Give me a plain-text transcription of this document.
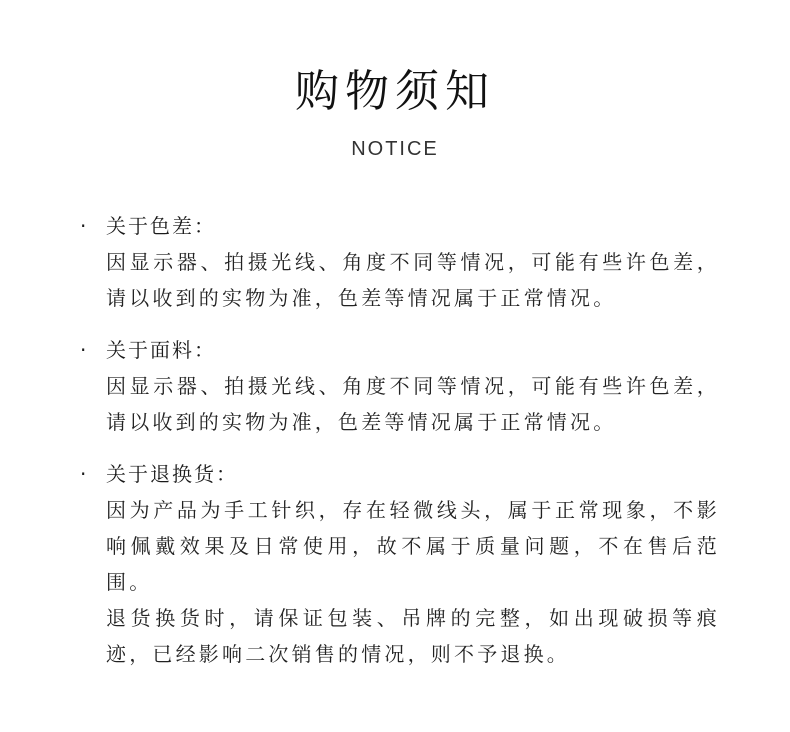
购物须知
NOTICE
· 关于色差：
因显示器、拍摄光线、角度不同等情况，可能有些许色差，请以收到的实物为准，色差等情况属于正常情况。
· 关于面料：
因显示器、拍摄光线、角度不同等情况，可能有些许色差，请以收到的实物为准，色差等情况属于正常情况。
· 关于退换货：
因为产品为手工针织，存在轻微线头，属于正常现象，不影响佩戴效果及日常使用，故不属于质量问题，不在售后范围。
退货换货时，请保证包装、吊牌的完整，如出现破损等痕迹，已经影响二次销售的情况，则不予退换。
